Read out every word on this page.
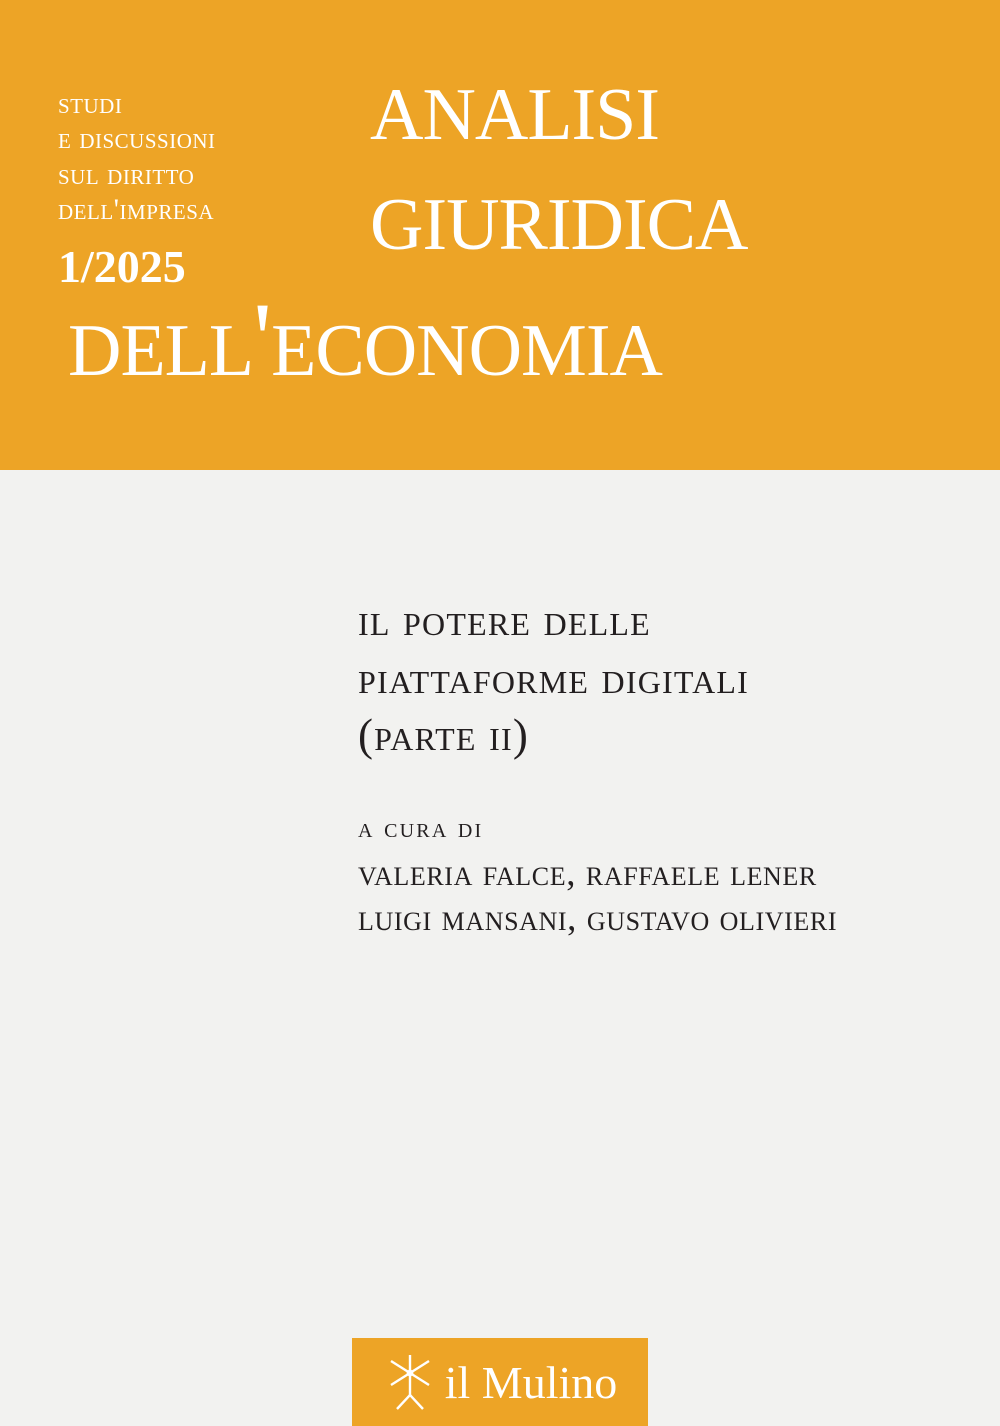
studi
e discussioni
sul diritto
dell'impresa
1/2025
analisi
giuridica
dell'economia
il potere delle
piattaforme digitali
(parte ii)
a cura di
valeria falce, raffaele lener
luigi mansani, gustavo olivieri
il Mulino
